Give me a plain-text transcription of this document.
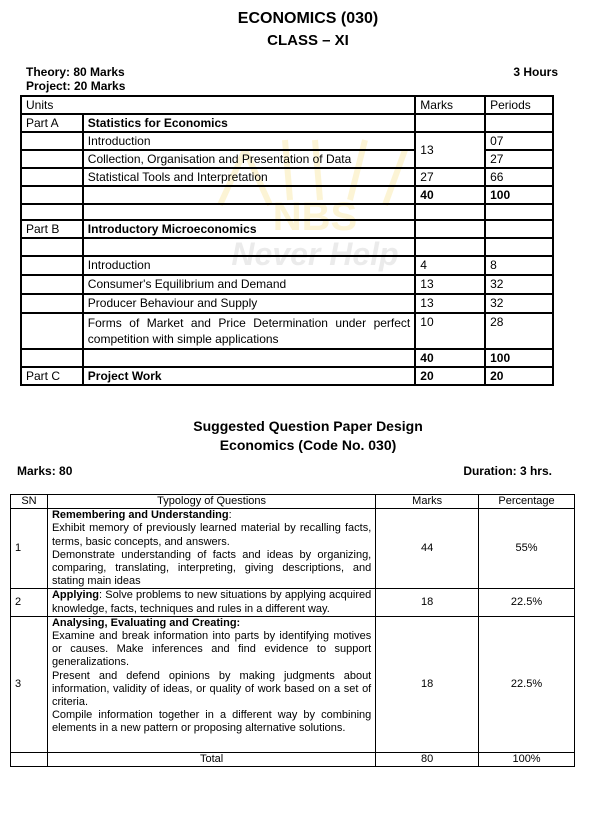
NBS
Never Help
ECONOMICS (030)
CLASS – XI
Theory: 80 Marks
Project: 20 Marks
3 Hours
Units		Marks	Periods
Part A	Statistics for Economics		
	Introduction	13	07
	Collection, Organisation and Presentation of Data		27
	Statistical Tools and Interpretation	27	66
		40	100

Part B	Introductory Microeconomics		

	Introduction	4	8
	Consumer's Equilibrium and Demand	13	32
	Producer Behaviour and Supply	13	32
	Forms of Market and Price Determination under perfect competition with simple applications	10	28
		40	100
Part C	Project Work	20	20
Suggested Question Paper Design
Economics (Code No. 030)
Marks: 80	Duration: 3 hrs.
SN	Typology of Questions	Marks	Percentage
1	Remembering and Understanding:
Exhibit memory of previously learned material by recalling facts, terms, basic concepts, and answers.
Demonstrate understanding of facts and ideas by organizing, comparing, translating, interpreting, giving descriptions, and stating main ideas	44	55%
2	Applying: Solve problems to new situations by applying acquired knowledge, facts, techniques and rules in a different way.	18	22.5%
3	Analysing, Evaluating and Creating:
Examine and break information into parts by identifying motives or causes. Make inferences and find evidence to support generalizations.
Present and defend opinions by making judgments about information, validity of ideas, or quality of work based on a set of criteria.
Compile information together in a different way by combining elements in a new pattern or proposing alternative solutions.	18	22.5%
	Total	80	100%
